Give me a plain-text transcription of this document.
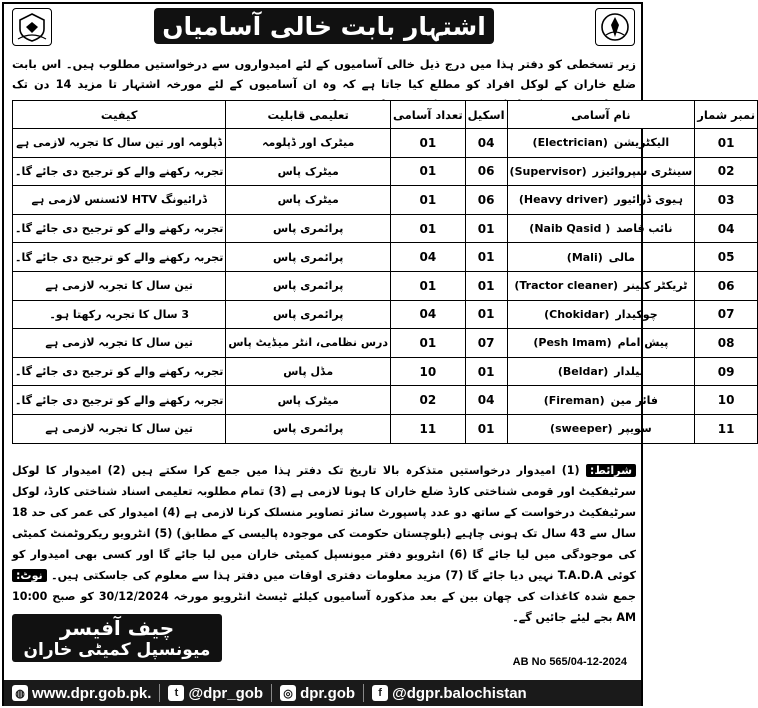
اشتہار بابت خالی آسامیاں

زیر تسخطی کو دفتر ہذا میں درج ذیل خالی آسامیوں کے لئے امیدواروں سے درخواستیں مطلوب ہیں۔ اس بابت ضلع خاران کے لوکل افراد کو مطلع کیا جاتا ہے کہ وہ ان آسامیوں کے لئے مورخہ اشتہار تا مزید 14 دن تک

نمبر شمار	نام آسامی	اسکیل	تعداد آسامی	تعلیمی قابلیت	کیفیت
01	الیکٹریشن(Electrician)	04	01	میٹرک اور ڈپلومہ	ڈپلومہ اور تین سال کا تجربہ لازمی ہے
02	سینٹری سپروائیزر(Supervisor)	06	01	میٹرک پاس	تجربہ رکھنے والے کو ترجیح دی جائے گا۔
03	ہیوی ڈرائیور(Heavy driver)	06	01	میٹرک پاس	ڈرائیونگ HTV لائسنس لازمی ہے
04	نائب قاصد( Naib Qasid)	01	01	پرائمری پاس	تجربہ رکھنے والے کو ترجیح دی جائے گا۔
05	مالی(Mali)	01	04	پرائمری پاس	تجربہ رکھنے والے کو ترجیح دی جائے گا۔
06	ٹریکٹر کلینر(Tractor cleaner)	01	01	پرائمری پاس	تین سال کا تجربہ لازمی ہے
07	چوکیدار(Chokidar)	01	04	پرائمری پاس	3 سال کا تجربہ رکھتا ہو۔
08	پیش امام(Pesh Imam)	07	01	درس نظامی، انٹر میڈیٹ پاس	تین سال کا تجربہ لازمی ہے
09	بیلدار(Beldar)	01	10	مڈل پاس	تجربہ رکھنے والے کو ترجیح دی جائے گا۔
10	فائر مین(Fireman)	04	02	میٹرک پاس	تجربہ رکھنے والے کو ترجیح دی جائے گا۔
11	سویپر(sweeper)	01	11	پرائمری پاس	تین سال کا تجربہ لازمی ہے

شرائط: (1) امیدوار درخواستیں متذکرہ بالا تاریخ تک دفتر ہذا میں جمع کرا سکتے ہیں (2) امیدوار کا لوکل سرٹیفکیٹ اور قومی شناختی کارڈ ضلع خاران کا ہونا لازمی ہے (3) تمام مطلوبہ تعلیمی اسناد شناختی کارڈ، لوکل سرٹیفکیٹ درخواست کے ساتھ دو عدد پاسپورٹ سائز تصاویر منسلک کرنا لازمی ہے (4) امیدوار کی عمر کی حد 18 سال سے 43 سال تک ہونی چاہیے (بلوچستان حکومت کی موجودہ پالیسی کے مطابق) (5) انٹرویو ریکروٹمنٹ کمیٹی کی موجودگی میں لیا جائے گا (6) انٹرویو دفتر میونسپل کمیٹی خاران میں لیا جائے گا اور کسی بھی امیدوار کو کوئی T.A.D.A نہیں دیا جائے گا (7) مزید معلومات دفتری اوقات میں دفتر ہذا سے معلوم کی جاسکتی ہیں۔ نوٹ: جمع شدہ کاغذات کی چھان بین کے بعد مذکورہ آسامیوں کیلئے ٹیسٹ انٹرویو مورخہ 30/12/2024 کو صبح 10:00 AM بجے لیئے جائیں گے۔

چیف آفیسر
میونسپل کمیٹی خاران
AB No 565/04-12-2024
◍ www.dpr.gob.pk.	t @dpr_gob ◎ dpr.gob	f @dgpr.balochistan
